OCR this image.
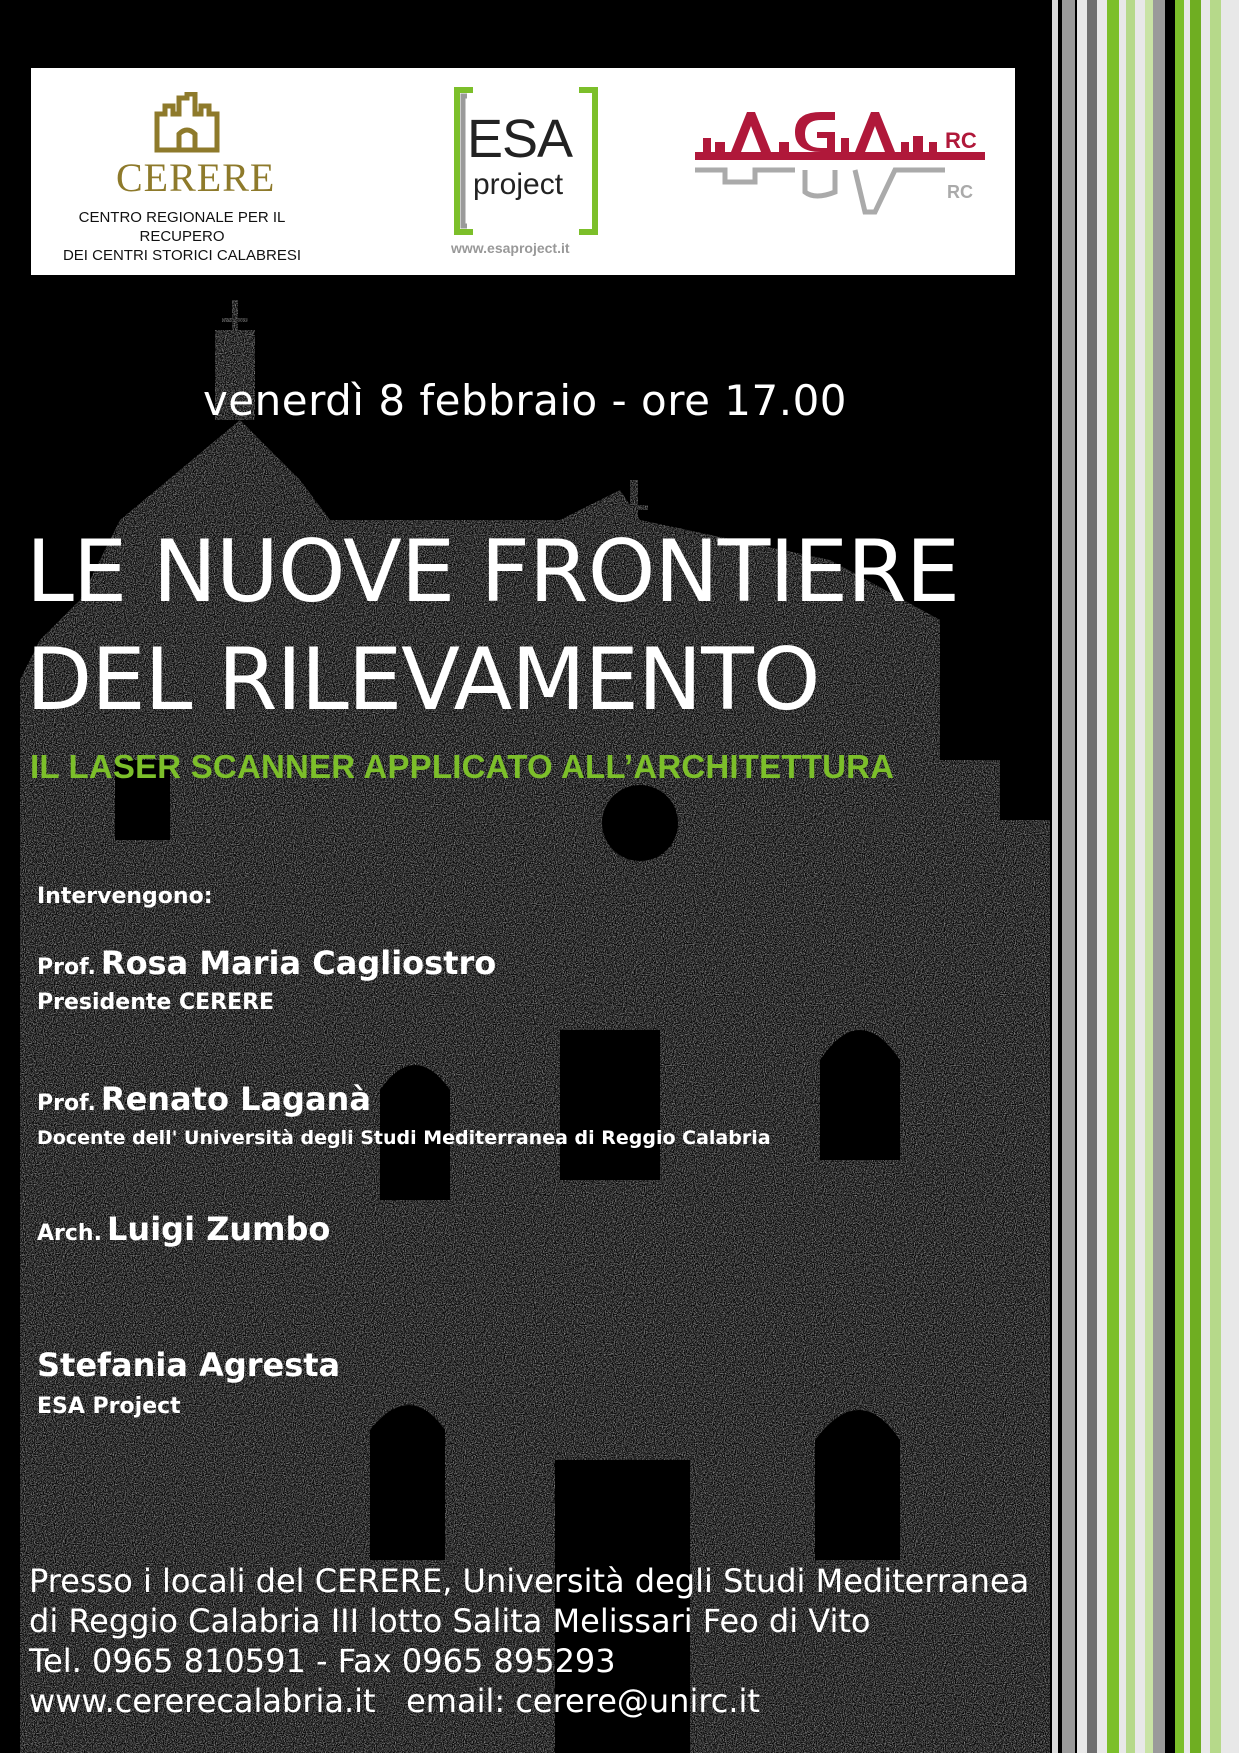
CERERE
CENTRO REGIONALE PER IL RECUPERO
DEI CENTRI STORICI CALABRESI
ESA
project
www.esaproject.it
RC
RC
venerdì 8 febbraio - ore 17.00
LE NUOVE FRONTIERE
DEL RILEVAMENTO
IL LASER SCANNER APPLICATO ALL’ARCHITETTURA
Intervengono:
Prof. Rosa Maria Cagliostro
Presidente CERERE
Prof. Renato Laganà
Docente dell' Università degli Studi Mediterranea di Reggio Calabria
Arch. Luigi Zumbo
Stefania Agresta
ESA Project
Presso i locali del CERERE, Università degli Studi Mediterranea
di Reggio Calabria III lotto Salita Melissari Feo di Vito
Tel. 0965 810591 - Fax 0965 895293
www.cererecalabria.it   email: cerere@unirc.it
